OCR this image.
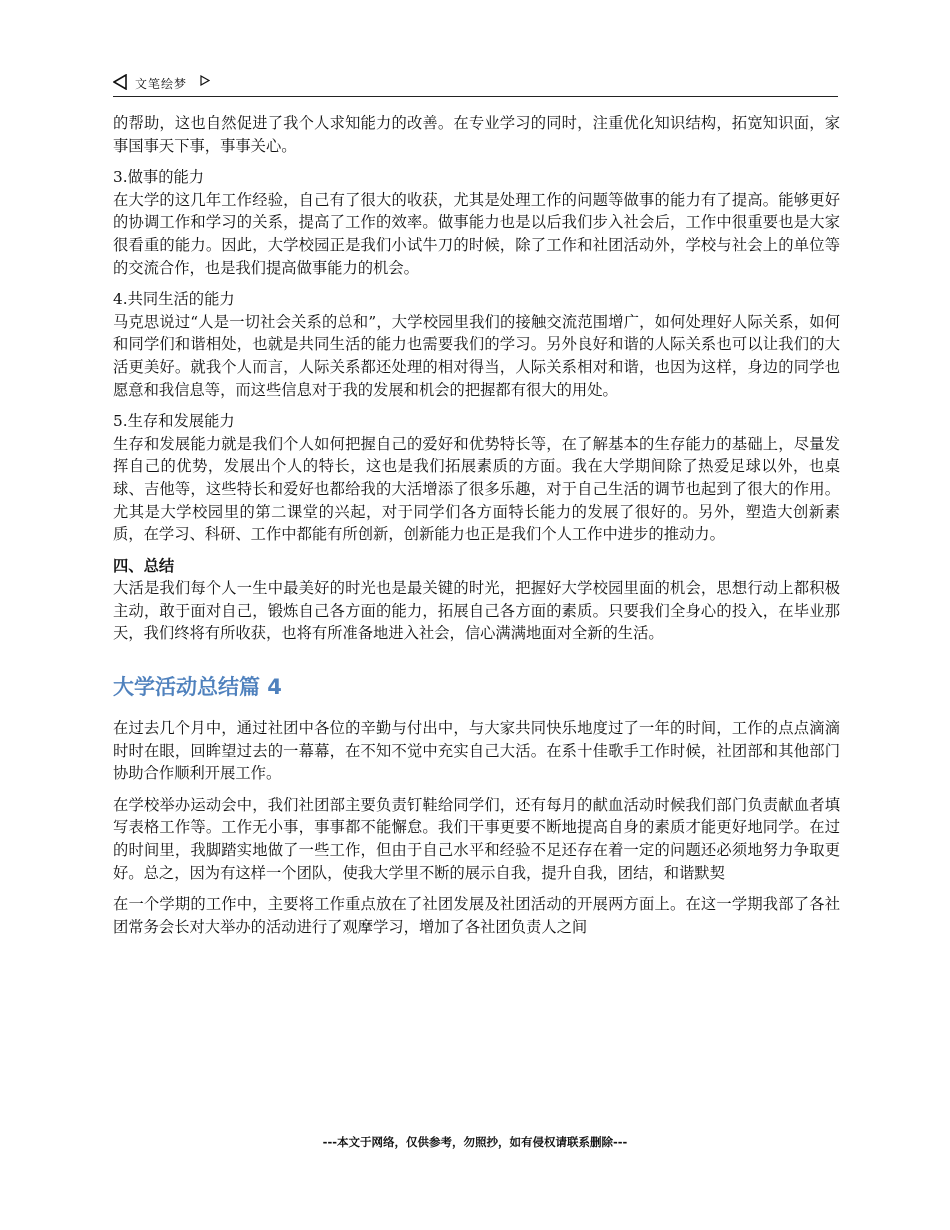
文笔绘梦

的帮助，这也自然促进了我个人求知能力的改善。在专业学习的同时，注重优化知识结构，拓宽知识面，家事国事天下事，事事关心。

3.做事的能力

在大学的这几年工作经验，自己有了很大的收获，尤其是处理工作的问题等做事的能力有了提高。能够更好的协调工作和学习的关系，提高了工作的效率。做事能力也是以后我们步入社会后，工作中很重要也是大家很看重的能力。因此，大学校园正是我们小试牛刀的时候，除了工作和社团活动外，学校与社会上的单位等的交流合作，也是我们提高做事能力的机会。

4.共同生活的能力

马克思说过“人是一切社会关系的总和”，大学校园里我们的接触交流范围增广，如何处理好人际关系，如何和同学们和谐相处，也就是共同生活的能力也需要我们的学习。另外良好和谐的人际关系也可以让我们的大活更美好。就我个人而言，人际关系都还处理的相对得当，人际关系相对和谐，也因为这样，身边的同学也愿意和我信息等，而这些信息对于我的发展和机会的把握都有很大的用处。

5.生存和发展能力

生存和发展能力就是我们个人如何把握自己的爱好和优势特长等，在了解基本的生存能力的基础上，尽量发挥自己的优势，发展出个人的特长，这也是我们拓展素质的方面。我在大学期间除了热爱足球以外，也桌球、吉他等，这些特长和爱好也都给我的大活增添了很多乐趣，对于自己生活的调节也起到了很大的作用。尤其是大学校园里的第二课堂的兴起，对于同学们各方面特长能力的发展了很好的。另外，塑造大创新素质，在学习、科研、工作中都能有所创新，创新能力也正是我们个人工作中进步的推动力。

四、总结

大活是我们每个人一生中最美好的时光也是最关键的时光，把握好大学校园里面的机会，思想行动上都积极主动，敢于面对自己，锻炼自己各方面的能力，拓展自己各方面的素质。只要我们全身心的投入，在毕业那天，我们终将有所收获，也将有所准备地进入社会，信心满满地面对全新的生活。

大学活动总结篇 4

在过去几个月中，通过社团中各位的辛勤与付出中，与大家共同快乐地度过了一年的时间，工作的点点滴滴时时在眼，回眸望过去的一幕幕，在不知不觉中充实自己大活。在系十佳歌手工作时候，社团部和其他部门协助合作顺利开展工作。

在学校举办运动会中，我们社团部主要负责钉鞋给同学们，还有每月的献血活动时候我们部门负责献血者填写表格工作等。工作无小事，事事都不能懈怠。我们干事更要不断地提高自身的素质才能更好地同学。在过的时间里，我脚踏实地做了一些工作，但由于自己水平和经验不足还存在着一定的问题还必须地努力争取更好。总之，因为有这样一个团队，使我大学里不断的展示自我，提升自我，团结，和谐默契

在一个学期的工作中，主要将工作重点放在了社团发展及社团活动的开展两方面上。在这一学期我部了各社团常务会长对大举办的活动进行了观摩学习，增加了各社团负责人之间

---本文于网络，仅供参考，勿照抄，如有侵权请联系删除---
